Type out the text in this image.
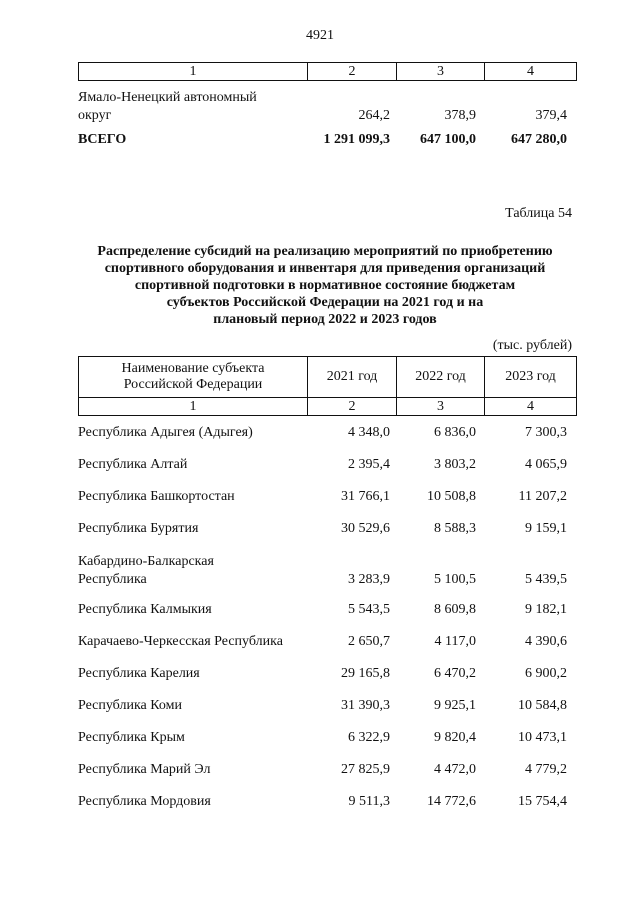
4921
1	2	3	4
Ямало-Ненецкий автономный
округ	264,2	378,9	379,4
ВСЕГО	1 291 099,3	647 100,0	647 280,0
Таблица 54
Распределение субсидий на реализацию мероприятий по приобретению
спортивного оборудования и инвентаря для приведения организаций
спортивной подготовки в нормативное состояние бюджетам
субъектов Российской Федерации на 2021 год и на
плановый период 2022 и 2023 годов
(тыс. рублей)
Наименование субъекта
Российской Федерации	2021 год	2022 год	2023 год
1	2	3	4
Республика Адыгея (Адыгея)	4 348,0	6 836,0	7 300,3
Республика Алтай	2 395,4	3 803,2	4 065,9
Республика Башкортостан	31 766,1	10 508,8	11 207,2
Республика Бурятия	30 529,6	8 588,3	9 159,1
Кабардино-Балкарская
Республика	3 283,9	5 100,5	5 439,5
Республика Калмыкия	5 543,5	8 609,8	9 182,1
Карачаево-Черкесская Республика	2 650,7	4 117,0	4 390,6
Республика Карелия	29 165,8	6 470,2	6 900,2
Республика Коми	31 390,3	9 925,1	10 584,8
Республика Крым	6 322,9	9 820,4	10 473,1
Республика Марий Эл	27 825,9	4 472,0	4 779,2
Республика Мордовия	9 511,3	14 772,6	15 754,4
